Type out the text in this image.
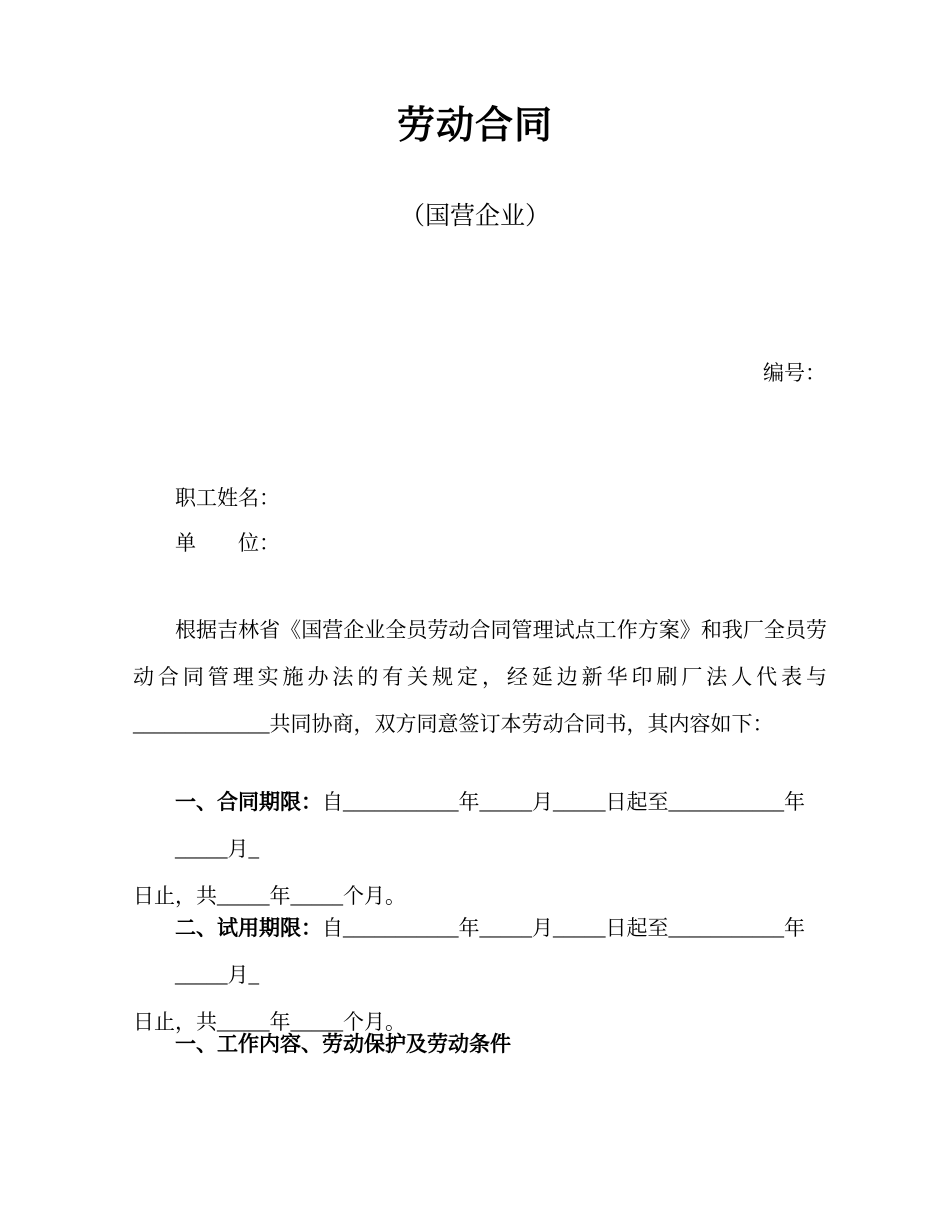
劳动合同
（国营企业）
编号：
职工姓名：
单　　位：
根据吉林省《国营企业全员劳动合同管理试点工作方案》和我厂全员劳动合同管理实施办法的有关规定，经延边新华印刷厂法人代表与_____________共同协商，双方同意签订本劳动合同书，其内容如下：
一、合同期限：自___________年_____月_____日起至___________年_____月_
日止，共_____年_____个月。
二、试用期限：自___________年_____月_____日起至___________年_____月_
日止，共_____年_____个月。
一、工作内容、劳动保护及劳动条件
